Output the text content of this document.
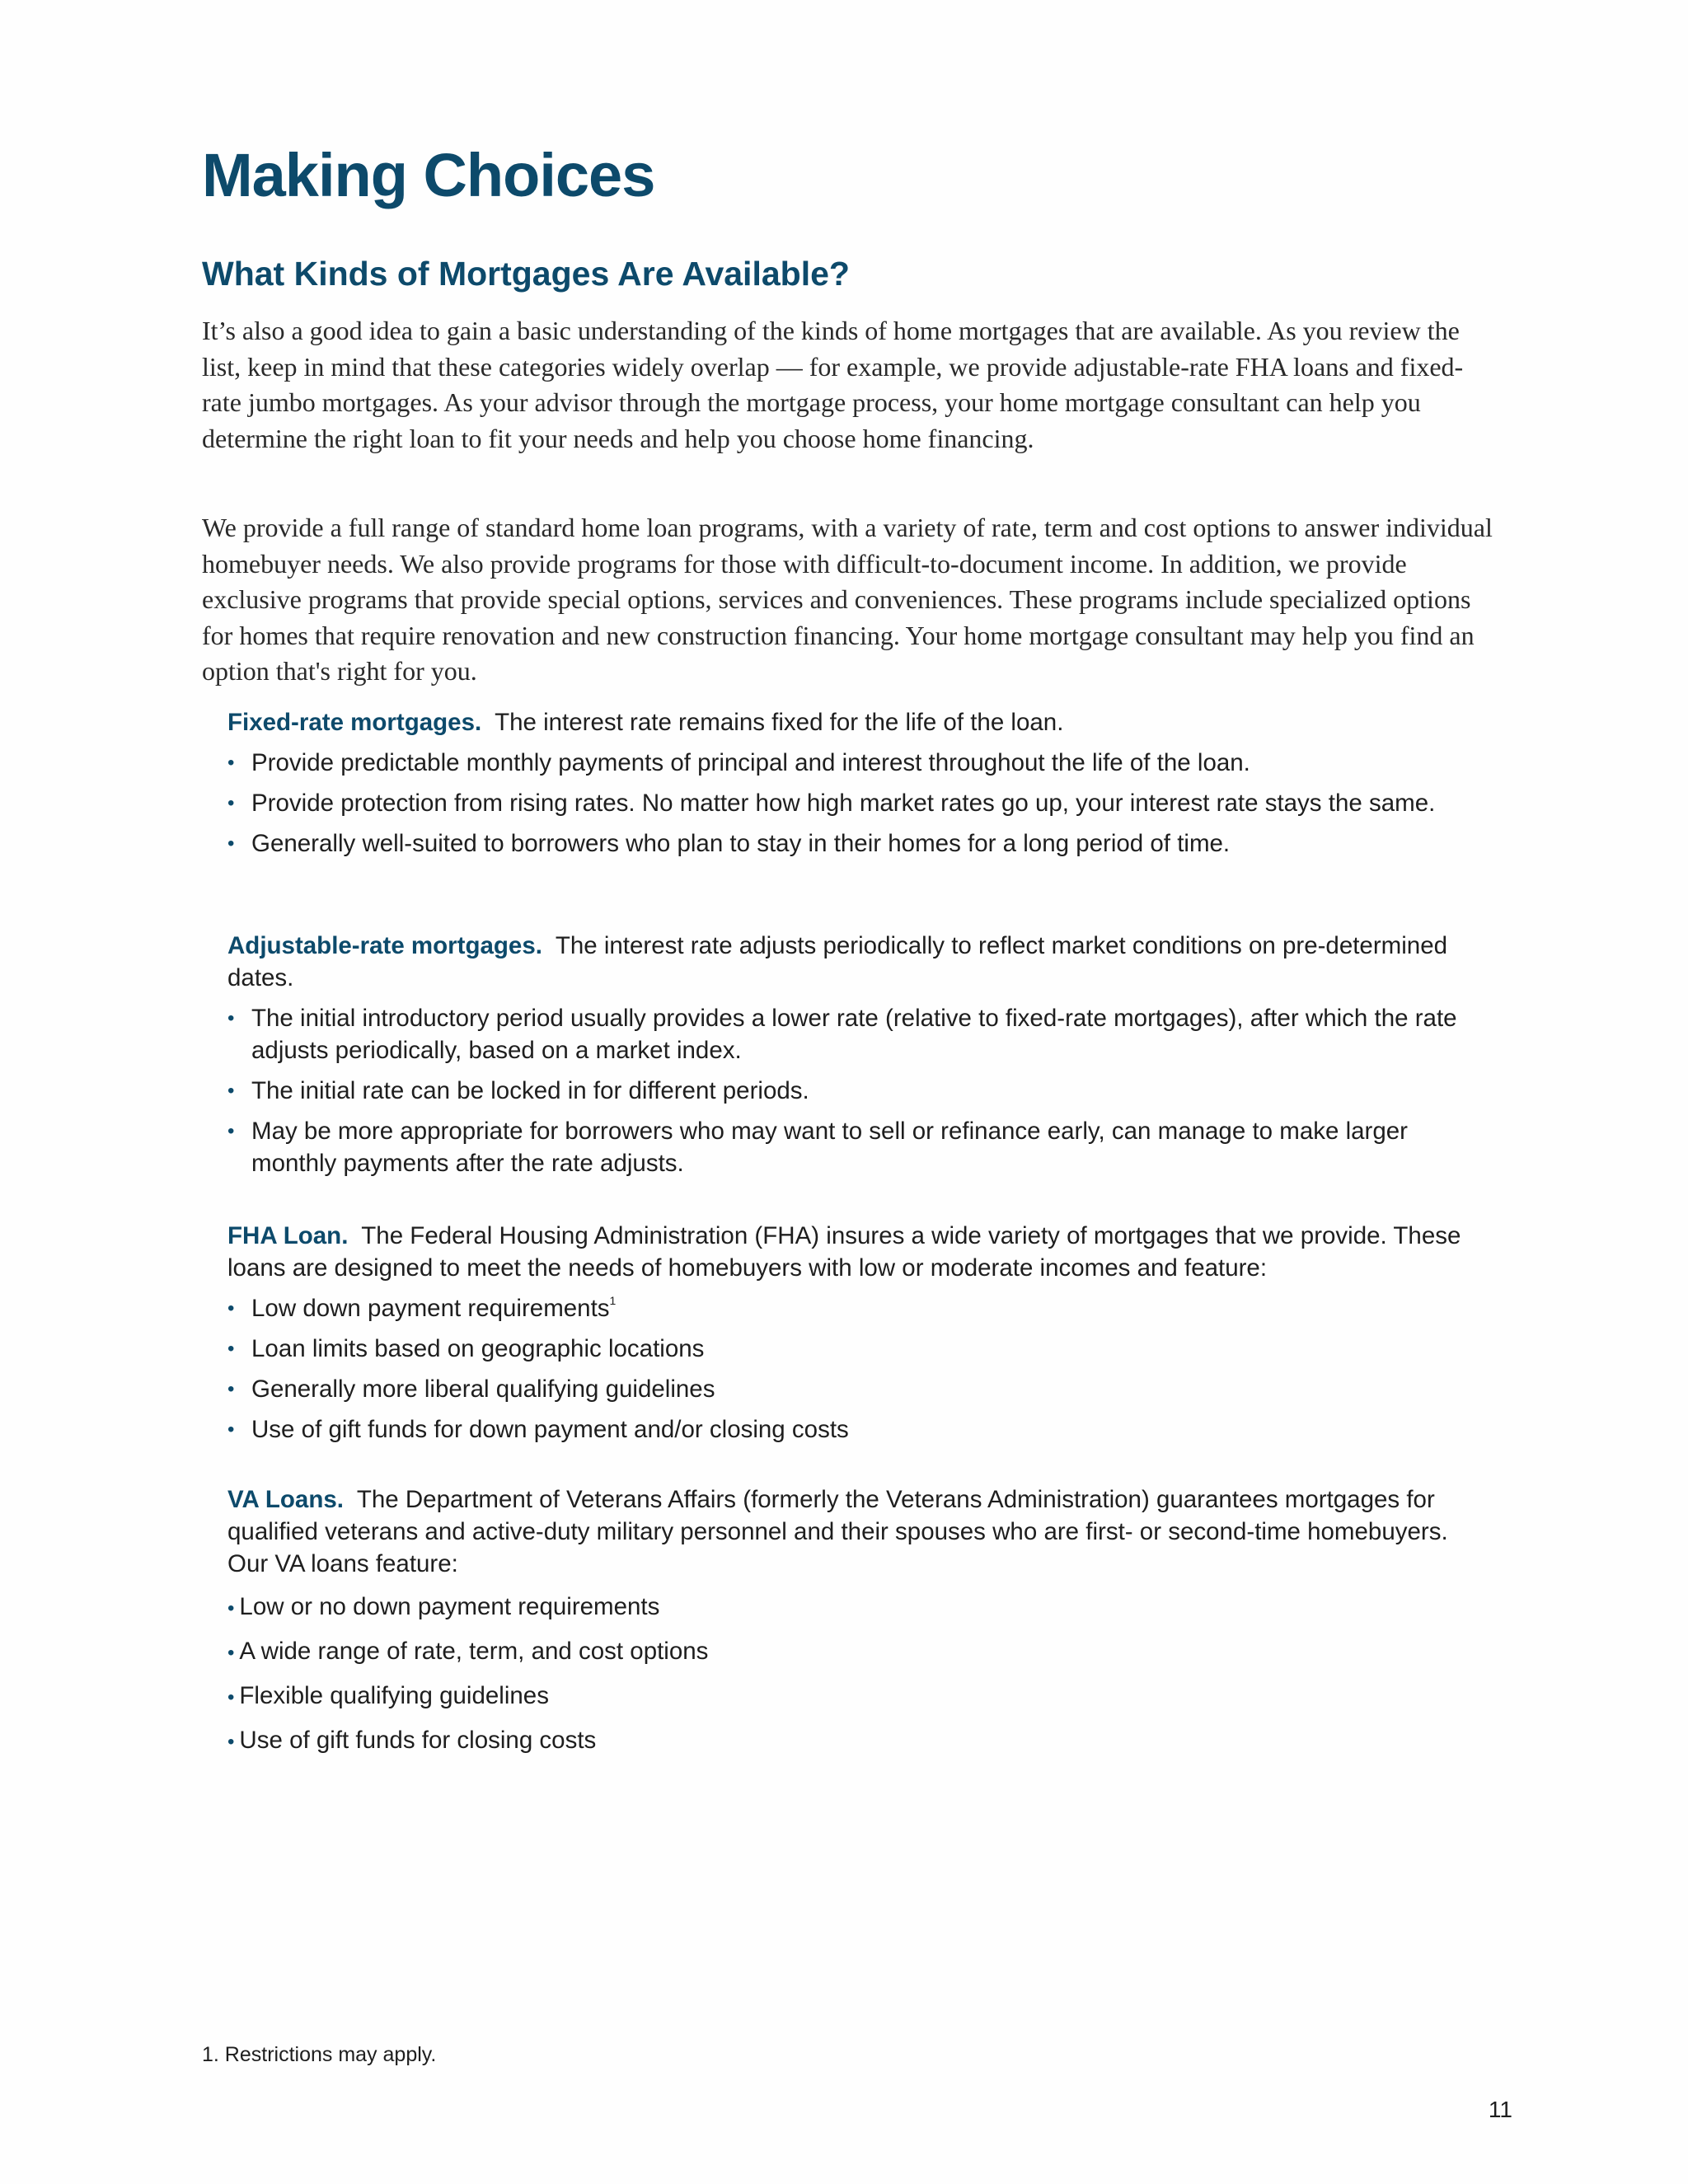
Making Choices
What Kinds of Mortgages Are Available?

It’s also a good idea to gain a basic understanding of the kinds of home mortgages that are available. As you review the list, keep in mind that these categories widely overlap — for example, we provide adjustable-rate FHA loans and fixed-rate jumbo mortgages. As your advisor through the mortgage process, your home mortgage consultant can help you determine the right loan to fit your needs and help you choose home financing.

We provide a full range of standard home loan programs, with a variety of rate, term and cost options to answer individual homebuyer needs. We also provide programs for those with difficult-to-document income. In addition, we provide exclusive programs that provide special options, services and conveniences. These programs include specialized options for homes that require renovation and new construction financing. Your home mortgage consultant may help you find an option that's right for you.

Fixed-rate mortgages. The interest rate remains fixed for the life of the loan.

• Provide predictable monthly payments of principal and interest throughout the life of the loan.
• Provide protection from rising rates. No matter how high market rates go up, your interest rate stays the same.
• Generally well-suited to borrowers who plan to stay in their homes for a long period of time.

Adjustable-rate mortgages. The interest rate adjusts periodically to reflect market conditions on pre-determined dates.

• The initial introductory period usually provides a lower rate (relative to fixed-rate mortgages), after which the rate adjusts periodically, based on a market index.
• The initial rate can be locked in for different periods.
• May be more appropriate for borrowers who may want to sell or refinance early, can manage to make larger monthly payments after the rate adjusts.

FHA Loan. The Federal Housing Administration (FHA) insures a wide variety of mortgages that we provide. These loans are designed to meet the needs of homebuyers with low or moderate incomes and feature:

• Low down payment requirements$^1$
• Loan limits based on geographic locations
• Generally more liberal qualifying guidelines
• Use of gift funds for down payment and/or closing costs

VA Loans. The Department of Veterans Affairs (formerly the Veterans Administration) guarantees mortgages for qualified veterans and active-duty military personnel and their spouses who are first- or second-time homebuyers. Our VA loans feature:

• Low or no down payment requirements
• A wide range of rate, term, and cost options
• Flexible qualifying guidelines
• Use of gift funds for closing costs

1. Restrictions may apply.

11
